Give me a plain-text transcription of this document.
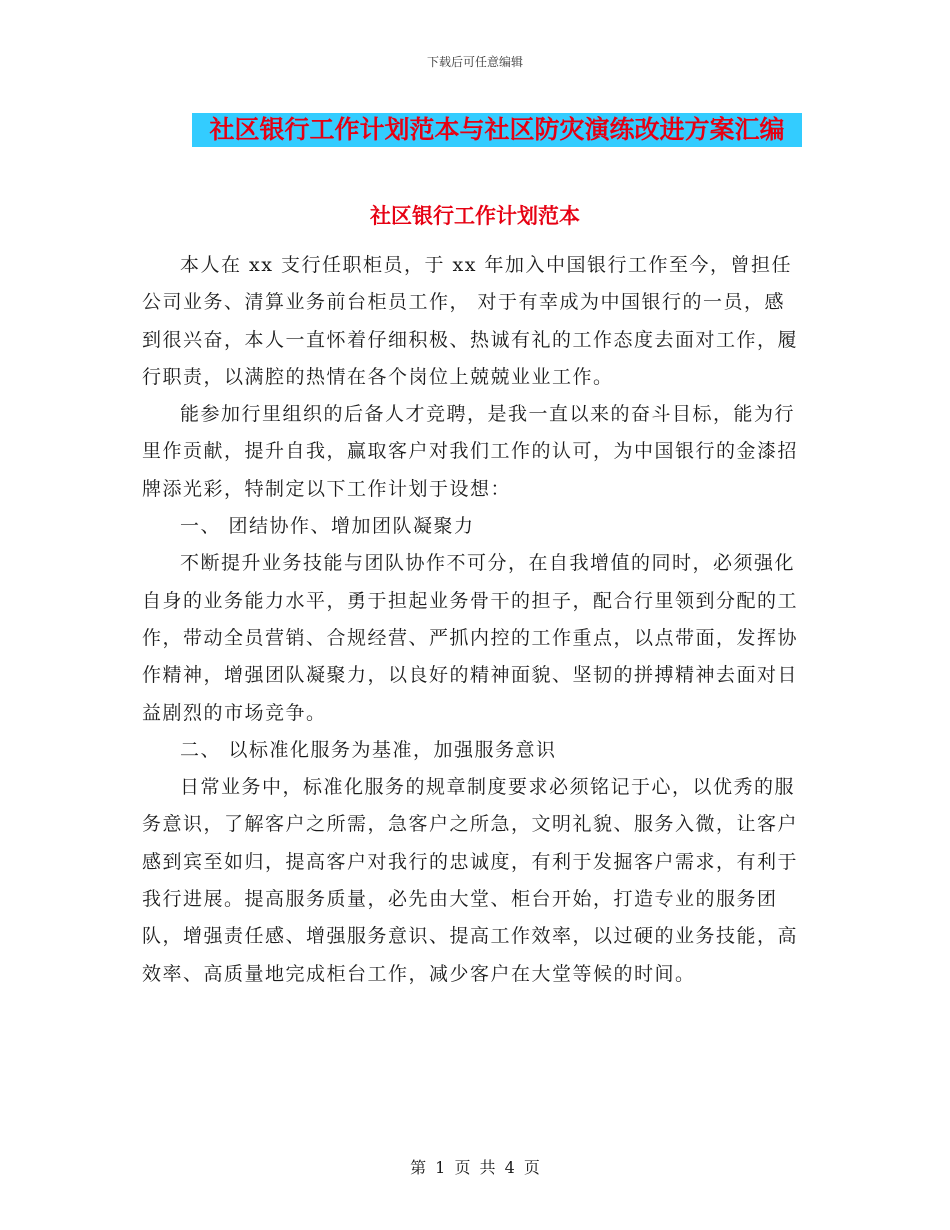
下载后可任意编辑
社区银行工作计划范本与社区防灾演练改进方案汇编
社区银行工作计划范本

本人在 xx 支行任职柜员，于 xx 年加入中国银行工作至今，曾担任公司业务、清算业务前台柜员工作， 对于有幸成为中国银行的一员，感到很兴奋，本人一直怀着仔细积极、热诚有礼的工作态度去面对工作，履行职责，以满腔的热情在各个岗位上兢兢业业工作。

能参加行里组织的后备人才竞聘，是我一直以来的奋斗目标，能为行里作贡献，提升自我，赢取客户对我们工作的认可，为中国银行的金漆招牌添光彩，特制定以下工作计划于设想：

一、 团结协作、增加团队凝聚力

不断提升业务技能与团队协作不可分，在自我增值的同时，必须强化自身的业务能力水平，勇于担起业务骨干的担子，配合行里领到分配的工作，带动全员营销、合规经营、严抓内控的工作重点，以点带面，发挥协作精神，增强团队凝聚力，以良好的精神面貌、坚韧的拼搏精神去面对日益剧烈的市场竞争。

二、 以标准化服务为基准，加强服务意识

日常业务中，标准化服务的规章制度要求必须铭记于心，以优秀的服务意识，了解客户之所需，急客户之所急，文明礼貌、服务入微，让客户感到宾至如归，提高客户对我行的忠诚度，有利于发掘客户需求，有利于我行进展。提高服务质量，必先由大堂、柜台开始，打造专业的服务团队，增强责任感、增强服务意识、提高工作效率，以过硬的业务技能，高效率、高质量地完成柜台工作，减少客户在大堂等候的时间。

第 1 页 共 4 页
